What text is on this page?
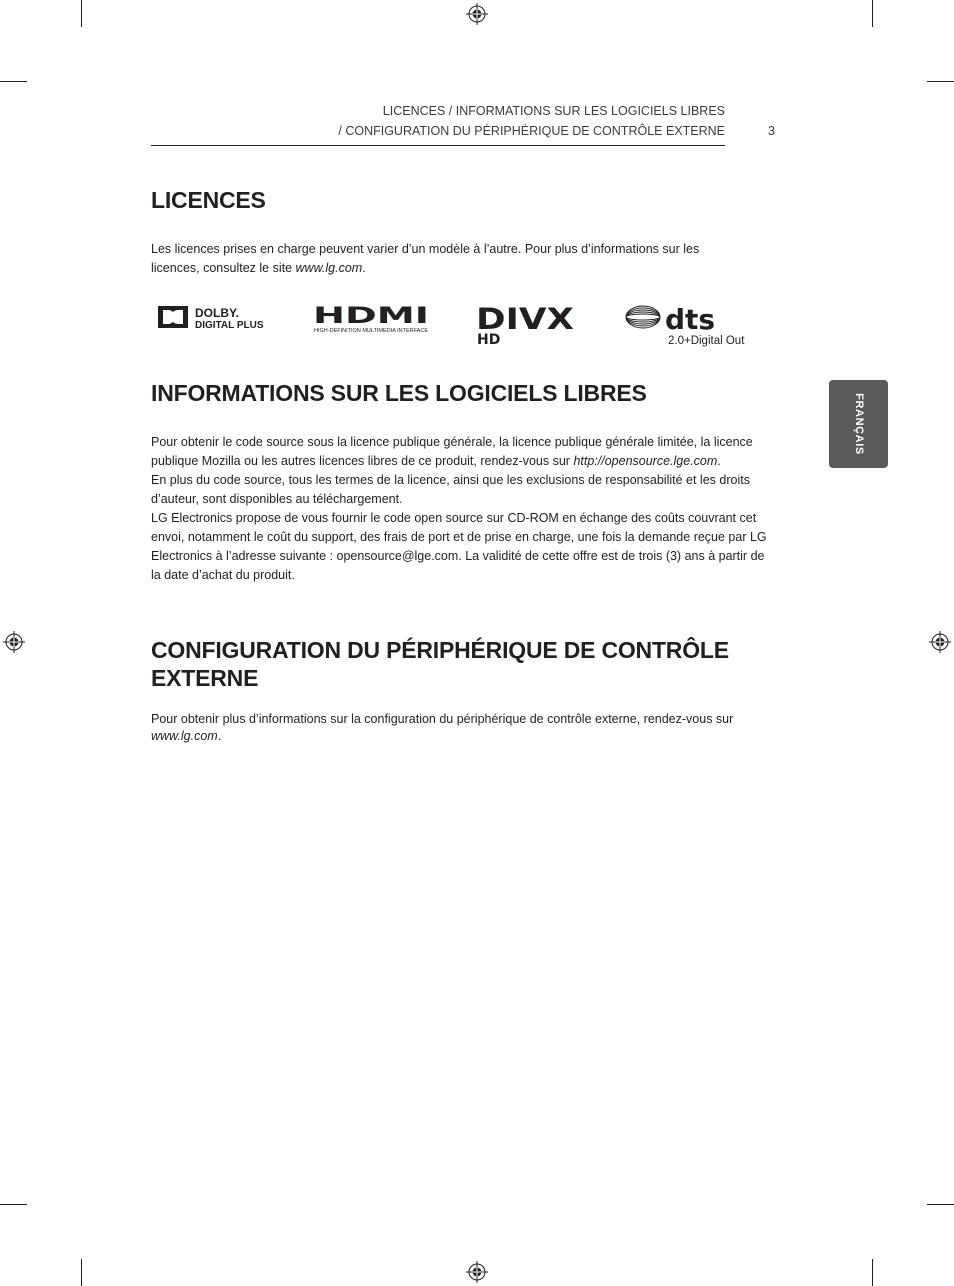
LICENCES / INFORMATIONS SUR LES LOGICIELS LIBRES
/ CONFIGURATION DU PÉRIPHÉRIQUE DE CONTRÔLE EXTERNE	3
FRANÇAIS
LICENCES
Les licences prises en charge peuvent varier d’un modèle à l’autre. Pour plus d’informations sur les licences, consultez le site www.lg.com.
DOLBY.
DIGITAL PLUS HDMI
HIGH-DEFINITION MULTIMEDIA INTERFACE DIVX
HD
dts
2.0+Digital Out
INFORMATIONS SUR LES LOGICIELS LIBRES

Pour obtenir le code source sous la licence publique générale, la licence publique générale limitée, la licence publique Mozilla ou les autres licences libres de ce produit, rendez-vous sur http://opensource.lge.com.

En plus du code source, tous les termes de la licence, ainsi que les exclusions de responsabilité et les droits d’auteur, sont disponibles au téléchargement.

LG Electronics propose de vous fournir le code open source sur CD-ROM en échange des coûts couvrant cet envoi, notamment le coût du support, des frais de port et de prise en charge, une fois la demande reçue par LG Electronics à l’adresse suivante : opensource@lge.com. La validité de cette offre est de trois (3) ans à partir de la date d’achat du produit.

CONFIGURATION DU PÉRIPHÉRIQUE DE CONTRÔLE EXTERNE
Pour obtenir plus d’informations sur la configuration du périphérique de contrôle externe, rendez-vous sur www.lg.com.
